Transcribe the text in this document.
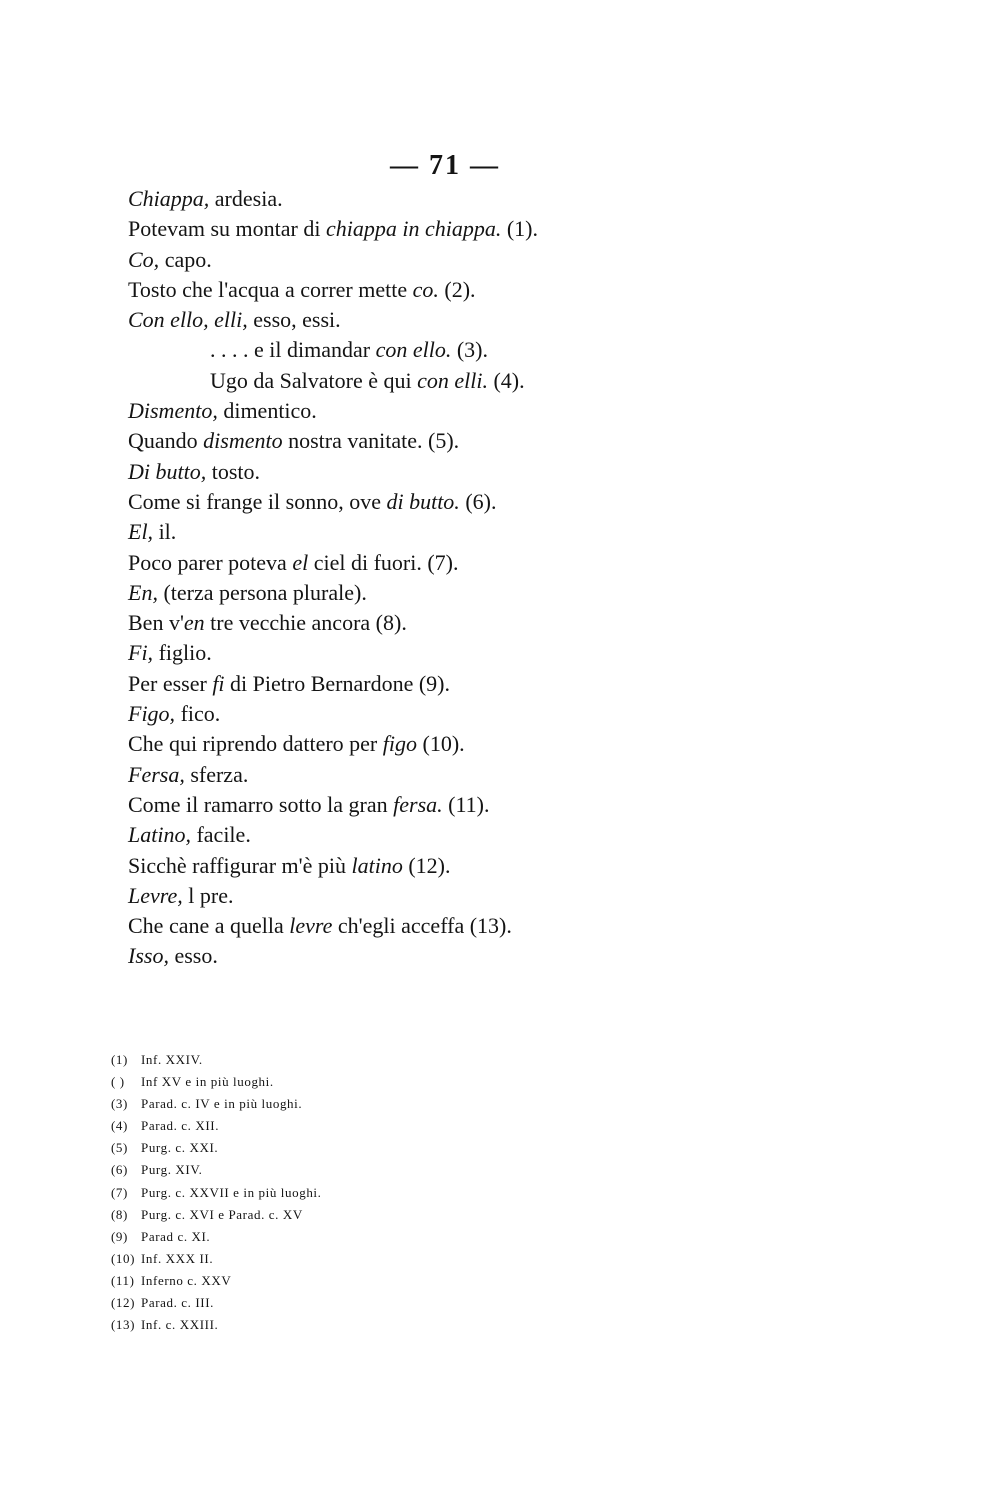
— 71 —
Chiappa, ardesia.
Potevam su montar di chiappa in chiappa. (1).
Co, capo.
Tosto che l'acqua a correr mette co. (2).
Con ello, elli, esso, essi.
. . . . e il dimandar con ello. (3).
Ugo da Salvatore è qui con elli. (4).
Dismento, dimentico.
Quando dismento nostra vanitate. (5).
Di butto, tosto.
Come si frange il sonno, ove di butto. (6).
El, il.
Poco parer poteva el ciel di fuori. (7).
En, (terza persona plurale).
Ben v'en tre vecchie ancora (8).
Fi, figlio.
Per esser fi di Pietro Bernardone (9).
Figo, fico.
Che qui riprendo dattero per figo (10).
Fersa, sferza.
Come il ramarro sotto la gran fersa. (11).
Latino, facile.
Sicchè raffigurar m'è più latino (12).
Levre, l pre.
Che cane a quella levre ch'egli acceffa (13).
Isso, esso.
(1) Inf. XXIV.
( ) Inf XV e in più luoghi.
(3) Parad. c. IV e in più luoghi.
(4) Parad. c. XII.
(5) Purg. c. XXI.
(6) Purg. XIV.
(7) Purg. c. XXVII e in più luoghi.
(8) Purg. c. XVI e Parad. c. XV
(9) Parad c. XI.
(10) Inf. XXX II.
(11) Inferno c. XXV
(12) Parad. c. III.
(13) Inf. c. XXIII.
